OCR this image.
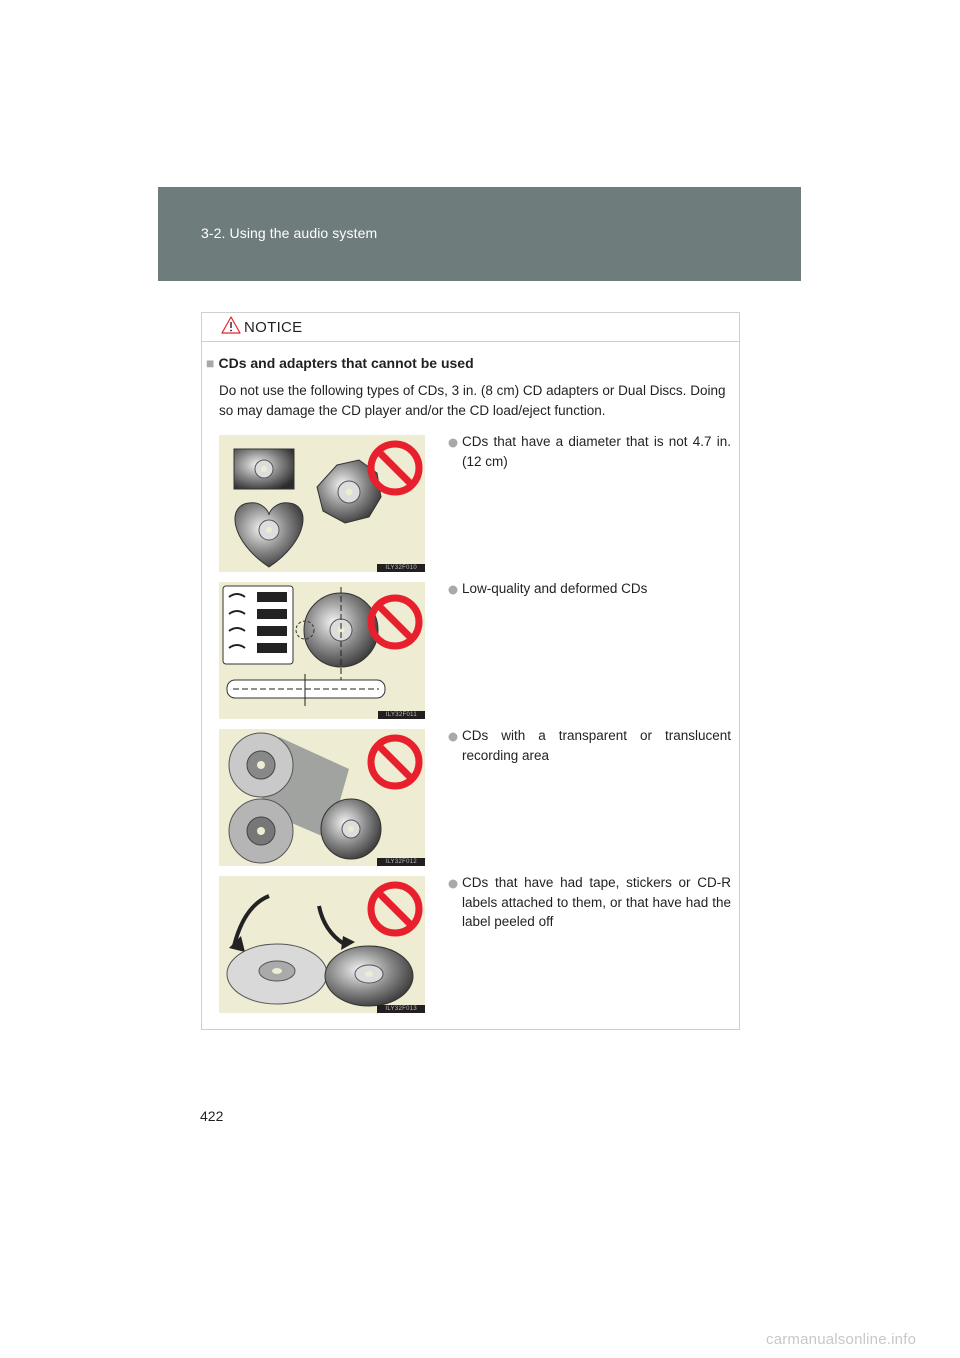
3-2. Using the audio system
NOTICE
■ CDs and adapters that cannot be used
Do not use the following types of CDs, 3 in. (8 cm) CD adapters or Dual Discs. Doing so may damage the CD player and/or the CD load/eject function.
ILY32F010
CDs that have a diameter that is not 4.7 in. (12 cm)
ILY32F011
Low-quality and deformed CDs
ILY32F012
CDs with a transparent or translucent recording area
ILY32F013
CDs that have had tape, stickers or CD-R labels attached to them, or that have had the label peeled off
422
carmanualsonline.info
